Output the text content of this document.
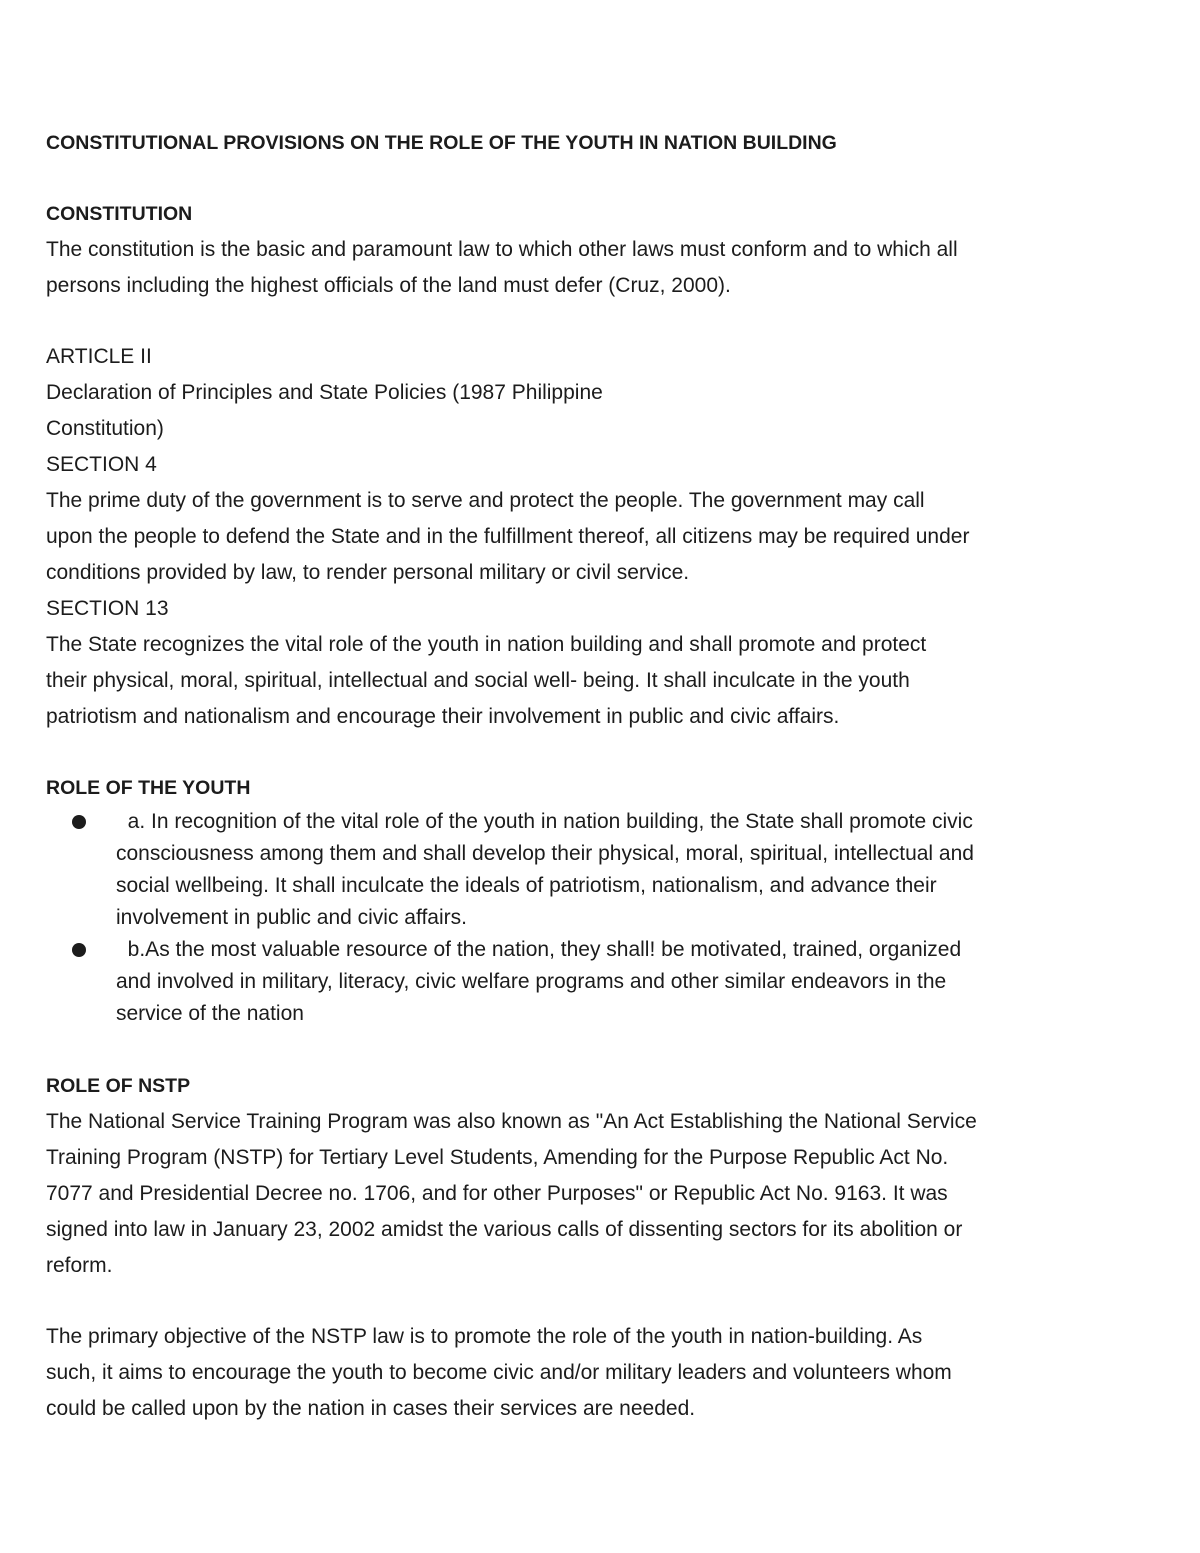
CONSTITUTIONAL PROVISIONS ON THE ROLE OF THE YOUTH IN NATION BUILDING

CONSTITUTION

The constitution is the basic and paramount law to which other laws must conform and to which all

persons including the highest officials of the land must defer (Cruz, 2000).

ARTICLE II

Declaration of Principles and State Policies (1987 Philippine

Constitution)

SECTION 4

The prime duty of the government is to serve and protect the people. The government may call

upon the people to defend the State and in the fulfillment thereof, all citizens may be required under

conditions provided by law, to render personal military or civil service.

SECTION 13

The State recognizes the vital role of the youth in nation building and shall promote and protect

their physical, moral, spiritual, intellectual and social well- being. It shall inculcate in the youth

patriotism and nationalism and encourage their involvement in public and civic affairs.

ROLE OF THE YOUTH

a. In recognition of the vital role of the youth in nation building, the State shall promote civic
consciousness among them and shall develop their physical, moral, spiritual, intellectual and
social wellbeing. It shall inculcate the ideals of patriotism, nationalism, and advance their
involvement in public and civic affairs.
b.As the most valuable resource of the nation, they shall! be motivated, trained, organized
and involved in military, literacy, civic welfare programs and other similar endeavors in the
service of the nation

ROLE OF NSTP

The National Service Training Program was also known as "An Act Establishing the National Service

Training Program (NSTP) for Tertiary Level Students, Amending for the Purpose Republic Act No.

7077 and Presidential Decree no. 1706, and for other Purposes" or Republic Act No. 9163. It was

signed into law in January 23, 2002 amidst the various calls of dissenting sectors for its abolition or

reform.

The primary objective of the NSTP law is to promote the role of the youth in nation-building. As

such, it aims to encourage the youth to become civic and/or military leaders and volunteers whom

could be called upon by the nation in cases their services are needed.
